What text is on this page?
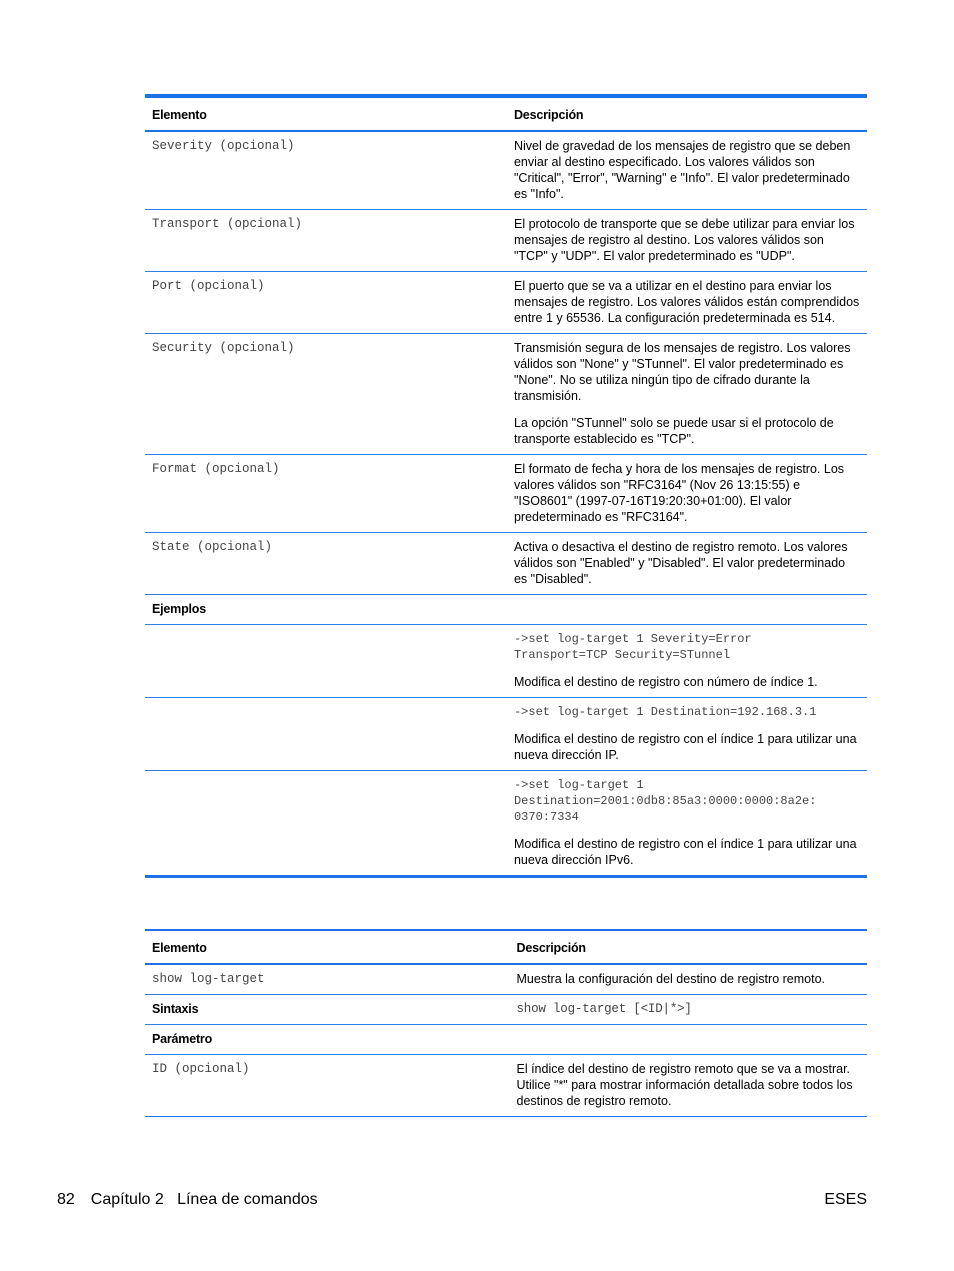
Elemento	Descripción
Severity (opcional)	Nivel de gravedad de los mensajes de registro que se deben enviar al destino especificado. Los valores válidos son "Critical", "Error", "Warning" e "Info". El valor predeterminado es "Info".

Transport (opcional)	El protocolo de transporte que se debe utilizar para enviar los mensajes de registro al destino. Los valores válidos son "TCP" y "UDP". El valor predeterminado es "UDP".

Port (opcional)	El puerto que se va a utilizar en el destino para enviar los mensajes de registro. Los valores válidos están comprendidos entre 1 y 65536. La configuración predeterminada es 514.

Security (opcional)	Transmisión segura de los mensajes de registro. Los valores válidos son "None" y "STunnel". El valor predeterminado es "None". No se utiliza ningún tipo de cifrado durante la transmisión.
La opción "STunnel" solo se puede usar si el protocolo de transporte establecido es "TCP".

Format (opcional)	El formato de fecha y hora de los mensajes de registro. Los valores válidos son "RFC3164" (Nov 26 13:15:55) e "ISO8601" (1997-07-16T19:20:30+01:00). El valor predeterminado es "RFC3164".

State (opcional)	Activa o desactiva el destino de registro remoto. Los valores válidos son "Enabled" y "Disabled". El valor predeterminado es "Disabled".

Ejemplos	

	->set log-target 1 Severity=Error
Transport=TCP Security=STunnel
Modifica el destino de registro con número de índice 1.

	->set log-target 1 Destination=192.168.3.1
Modifica el destino de registro con el índice 1 para utilizar una nueva dirección IP.

	->set log-target 1
Destination=2001:0db8:85a3:0000:0000:8a2e:
0370:7334
Modifica el destino de registro con el índice 1 para utilizar una nueva dirección IPv6.
Elemento	Descripción
show log-target	Muestra la configuración del destino de registro remoto.
Sintaxis	show log-target [<ID|*>]
Parámetro	
ID (opcional)	El índice del destino de registro remoto que se va a mostrar. Utilice "*" para mostrar información detallada sobre todos los destinos de registro remoto.
82 Capítulo 2   Línea de comandos	ESES
